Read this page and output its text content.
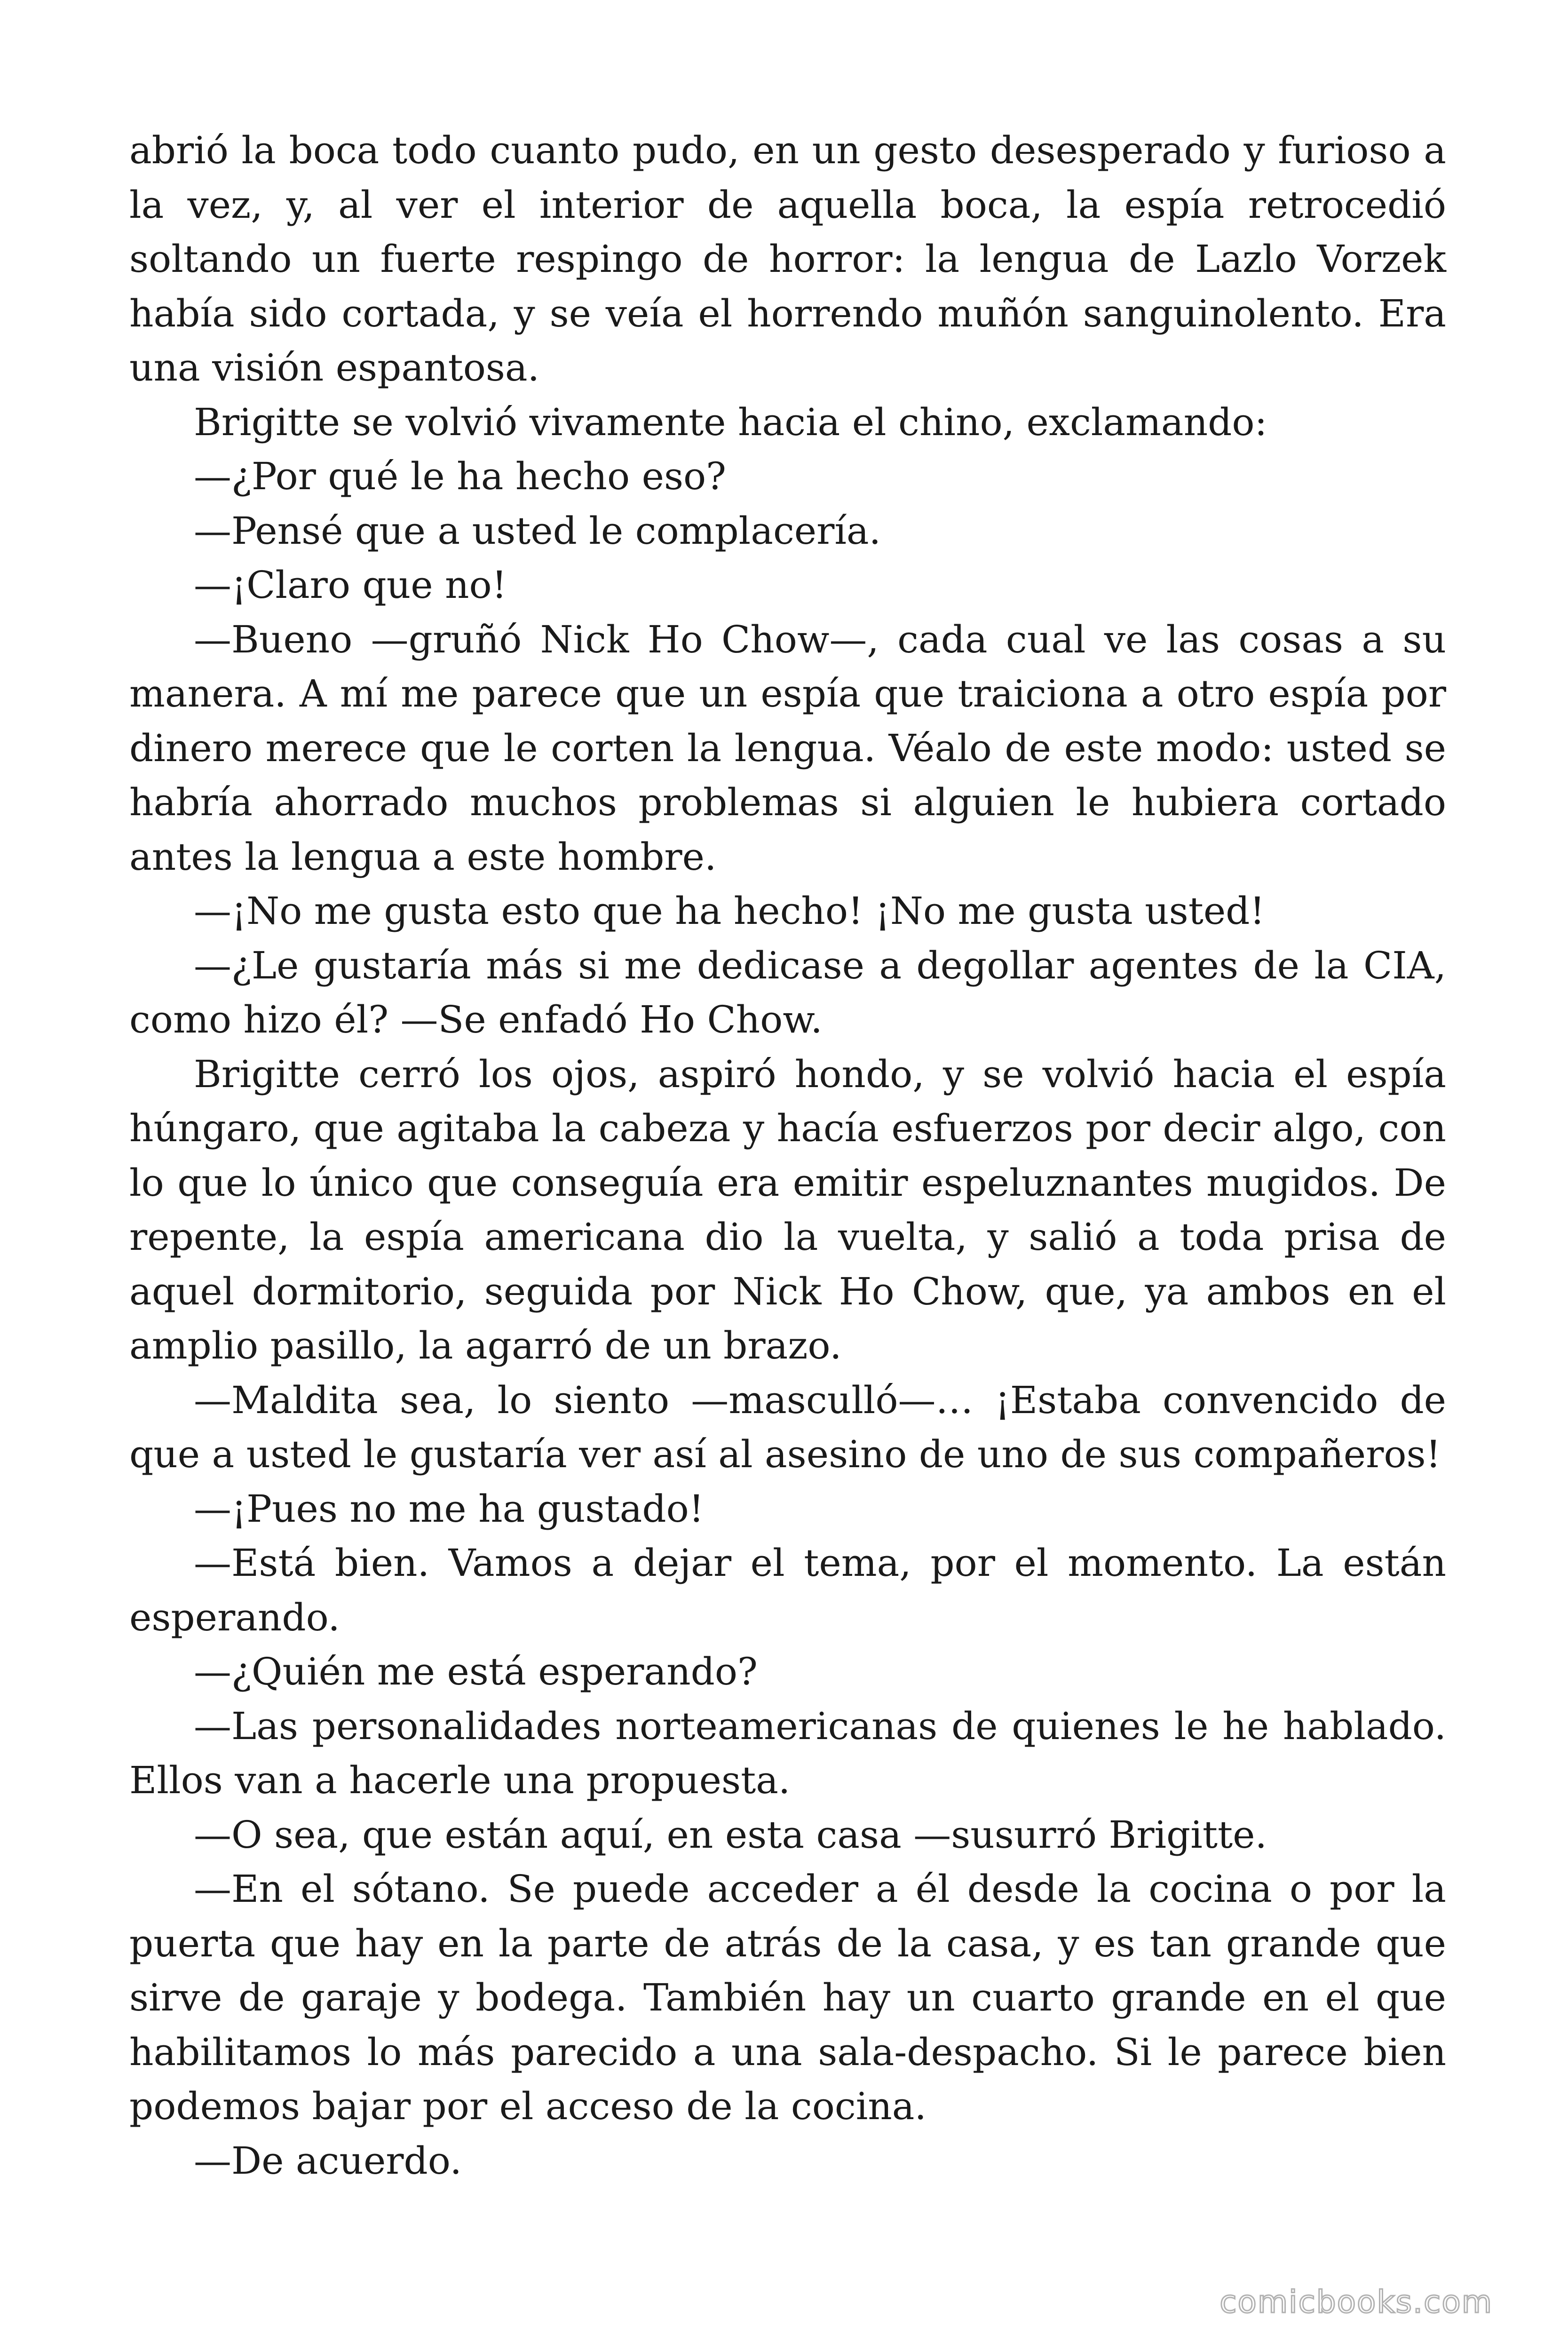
abrió la boca todo cuanto pudo, en un gesto desesperado y furioso a la vez, y, al ver el interior de aquella boca, la espía retrocedió soltando un fuerte respingo de horror: la lengua de Lazlo Vorzek había sido cortada, y se veía el horrendo muñón sanguinolento. Era una visión espantosa.

Brigitte se volvió vivamente hacia el chino, exclamando:

—¿Por qué le ha hecho eso?

—Pensé que a usted le complacería.

—¡Claro que no!

—Bueno —gruñó Nick Ho Chow—, cada cual ve las cosas a su manera. A mí me parece que un espía que traiciona a otro espía por dinero merece que le corten la lengua. Véalo de este modo: usted se habría ahorrado muchos problemas si alguien le hubiera cortado antes la lengua a este hombre.

—¡No me gusta esto que ha hecho! ¡No me gusta usted!

—¿Le gustaría más si me dedicase a degollar agentes de la CIA, como hizo él? —Se enfadó Ho Chow.

Brigitte cerró los ojos, aspiró hondo, y se volvió hacia el espía húngaro, que agitaba la cabeza y hacía esfuerzos por decir algo, con lo que lo único que conseguía era emitir espeluznantes mugidos. De repente, la espía americana dio la vuelta, y salió a toda prisa de aquel dormitorio, seguida por Nick Ho Chow, que, ya ambos en el amplio pasillo, la agarró de un brazo.

—Maldita sea, lo siento —masculló—… ¡Estaba convencido de que a usted le gustaría ver así al asesino de uno de sus compañeros!

—¡Pues no me ha gustado!

—Está bien. Vamos a dejar el tema, por el momento. La están esperando.

—¿Quién me está esperando?

—Las personalidades norteamericanas de quienes le he hablado. Ellos van a hacerle una propuesta.

—O sea, que están aquí, en esta casa —susurró Brigitte.

—En el sótano. Se puede acceder a él desde la cocina o por la puerta que hay en la parte de atrás de la casa, y es tan grande que sirve de garaje y bodega. También hay un cuarto grande en el que habilitamos lo más parecido a una sala-despacho. Si le parece bien podemos bajar por el acceso de la cocina.

—De acuerdo.

comicbooks.com
